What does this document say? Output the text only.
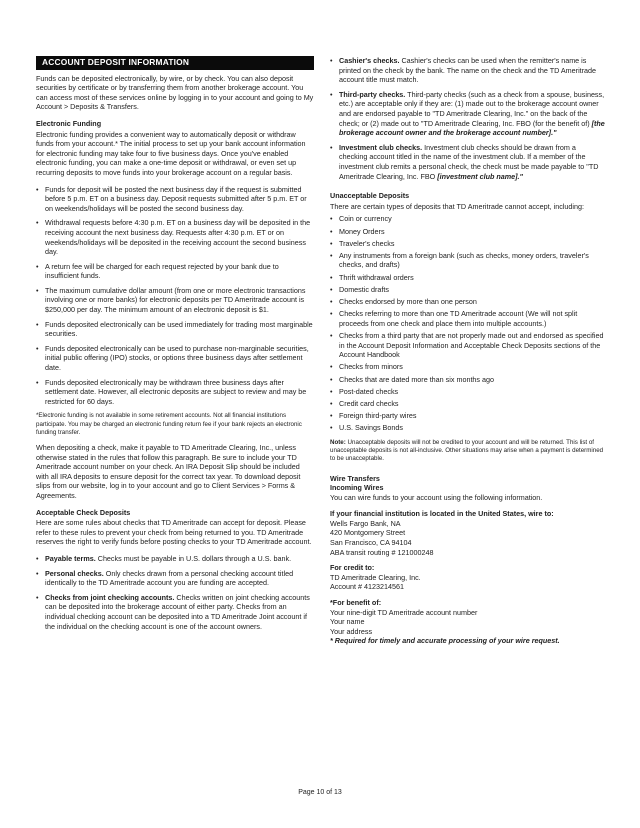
ACCOUNT DEPOSIT INFORMATION

Funds can be deposited electronically, by wire, or by check. You can also deposit securities by certificate or by transferring them from another brokerage account. You can access most of these services online by logging in to your account and going to My Account > Deposits & Transfers.

Electronic Funding

Electronic funding provides a convenient way to automatically deposit or withdraw funds from your account.* The initial process to set up your bank account information for electronic funding may take four to five business days. Once you've enabled electronic funding, you can make a one-time deposit or withdrawal, or even set up recurring deposits to move funds into your brokerage account on a regular basis.

• Funds for deposit will be posted the next business day if the request is submitted before 5 p.m. ET on a business day. Deposit requests submitted after 5 p.m. ET or on weekends/holidays will be posted the second business day.
• Withdrawal requests before 4:30 p.m. ET on a business day will be deposited in the receiving account the next business day. Requests after 4:30 p.m. ET or on weekends/holidays will be deposited in the receiving account the second business day.
• A return fee will be charged for each request rejected by your bank due to insufficient funds.
• The maximum cumulative dollar amount (from one or more electronic transactions involving one or more banks) for electronic deposits per TD Ameritrade account is $250,000 per day. The minimum amount of an electronic deposit is $1.
• Funds deposited electronically can be used immediately for trading most marginable securities.
• Funds deposited electronically can be used to purchase non-marginable securities, initial public offering (IPO) stocks, or options three business days after settlement date.
• Funds deposited electronically may be withdrawn three business days after settlement date. However, all electronic deposits are subject to review and may be restricted for 60 days.

*Electronic funding is not available in some retirement accounts. Not all financial institutions participate. You may be charged an electronic funding return fee if your bank rejects an electronic funding transfer.

When depositing a check, make it payable to TD Ameritrade Clearing, Inc., unless otherwise stated in the rules that follow this paragraph. Be sure to include your TD Ameritrade account number on your check. An IRA Deposit Slip should be included with all IRA deposits to ensure deposit for the correct tax year. To download deposit slips from our website, log in to your account and go to Client Services > Forms & Agreements.

Acceptable Check Deposits

Here are some rules about checks that TD Ameritrade can accept for deposit. Please refer to these rules to prevent your check from being returned to you. TD Ameritrade reserves the right to verify funds before posting checks to your TD Ameritrade account.

• Payable terms. Checks must be payable in U.S. dollars through a U.S. bank.
• Personal checks. Only checks drawn from a personal checking account titled identically to the TD Ameritrade account you are funding are accepted.
• Checks from joint checking accounts. Checks written on joint checking accounts can be deposited into the brokerage account of either party. Checks from an individual checking account can be deposited into a TD Ameritrade Joint account if the individual on the checking account is one of the account owners.
• Cashier's checks. Cashier's checks can be used when the remitter's name is printed on the check by the bank. The name on the check and the TD Ameritrade account title must match.
• Third-party checks. Third-party checks (such as a check from a spouse, business, etc.) are acceptable only if they are: (1) made out to the brokerage account owner and are endorsed payable to "TD Ameritrade Clearing, Inc." on the back of the check; or (2) made out to "TD Ameritrade Clearing, Inc. FBO (for the benefit of) [the brokerage account owner and the brokerage account number]."
• Investment club checks. Investment club checks should be drawn from a checking account titled in the name of the investment club. If a member of the investment club remits a personal check, the check must be made payable to "TD Ameritrade Clearing, Inc. FBO [investment club name]."
Unacceptable Deposits

There are certain types of deposits that TD Ameritrade cannot accept, including:

• Coin or currency
• Money Orders
• Traveler's checks
• Any instruments from a foreign bank (such as checks, money orders, traveler's checks, and drafts)
• Thrift withdrawal orders
• Domestic drafts
• Checks endorsed by more than one person
• Checks referring to more than one TD Ameritrade account (We will not split proceeds from one check and place them into multiple accounts.)
• Checks from a third party that are not properly made out and endorsed as specified in the Account Deposit Information and Acceptable Check Deposits sections of the Account Handbook
• Checks from minors
• Checks that are dated more than six months ago
• Post-dated checks
• Credit card checks
• Foreign third-party wires
• U.S. Savings Bonds

Note: Unacceptable deposits will not be credited to your account and will be returned. This list of unacceptable deposits is not all-inclusive. Other situations may arise when a payment is determined to be unacceptable.

Wire Transfers
Incoming Wires

You can wire funds to your account using the following information.

If your financial institution is located in the United States, wire to:
Wells Fargo Bank, NA
420 Montgomery Street
San Francisco, CA 94104
ABA transit routing # 121000248
For credit to:
TD Ameritrade Clearing, Inc.
Account # 4123214561
*For benefit of:
Your nine-digit TD Ameritrade account number
Your name
Your address
* Required for timely and accurate processing of your wire request.
Page 10 of 13
